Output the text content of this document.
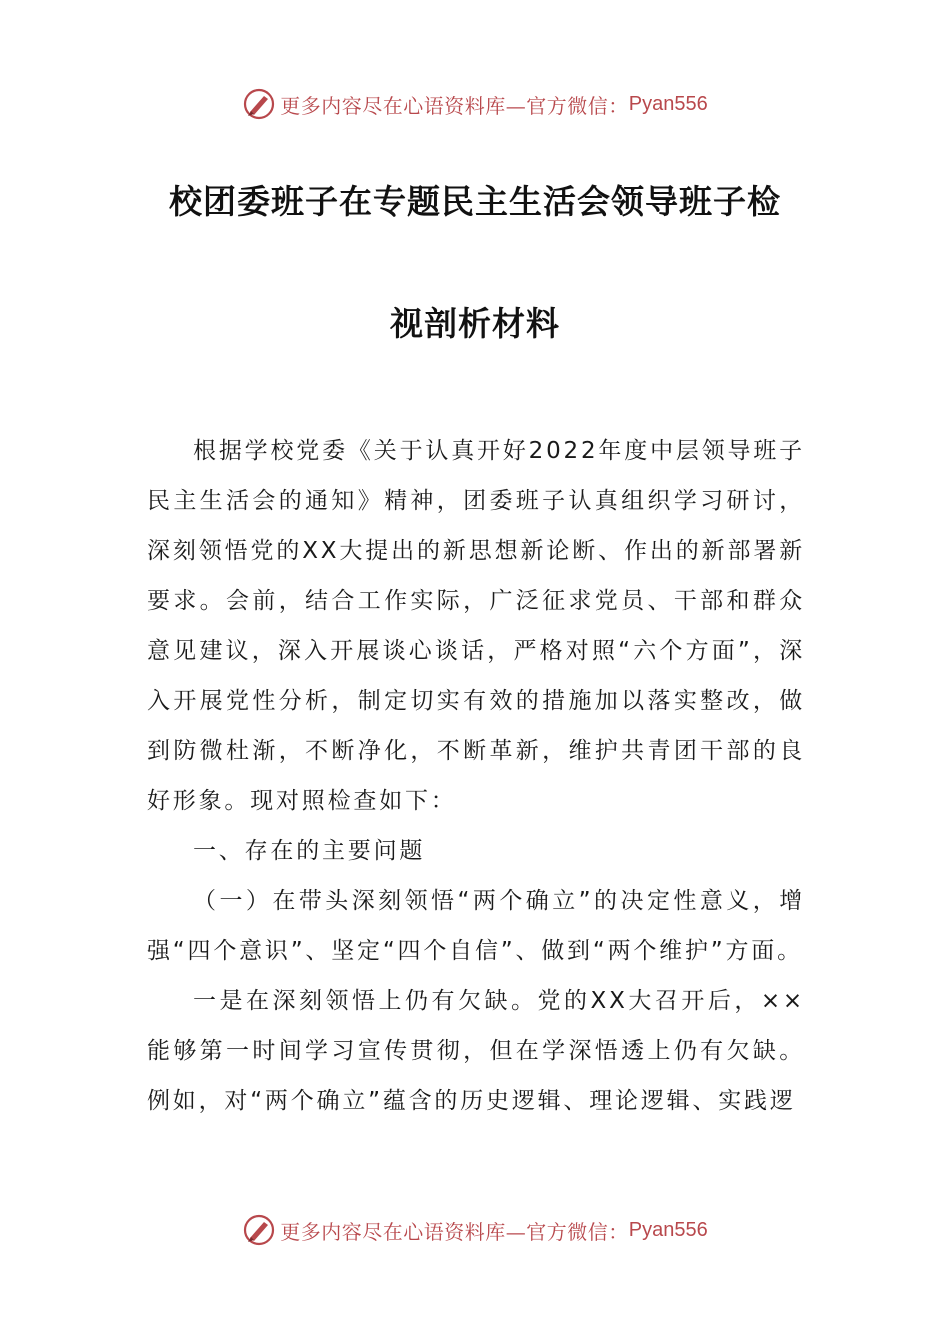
更多内容尽在心语资料库—官方微信： Pyan556
校团委班子在专题民主生活会领导班子检
视剖析材料

根据学校党委《关于认真开好2022年度中层领导班子民主生活会的通知》精神，团委班子认真组织学习研讨，深刻领悟党的XX大提出的新思想新论断、作出的新部署新要求。会前，结合工作实际，广泛征求党员、干部和群众意见建议，深入开展谈心谈话，严格对照“六个方面”，深入开展党性分析，制定切实有效的措施加以落实整改，做到防微杜渐，不断净化，不断革新，维护共青团干部的良好形象。现对照检查如下：

一、存在的主要问题

（一）在带头深刻领悟“两个确立”的决定性意义，增强“四个意识”、坚定“四个自信”、做到“两个维护”方面。

一是在深刻领悟上仍有欠缺。党的XX大召开后，××能够第一时间学习宣传贯彻，但在学深悟透上仍有欠缺。例如，对“两个确立”蕴含的历史逻辑、理论逻辑、实践逻

更多内容尽在心语资料库—官方微信： Pyan556
